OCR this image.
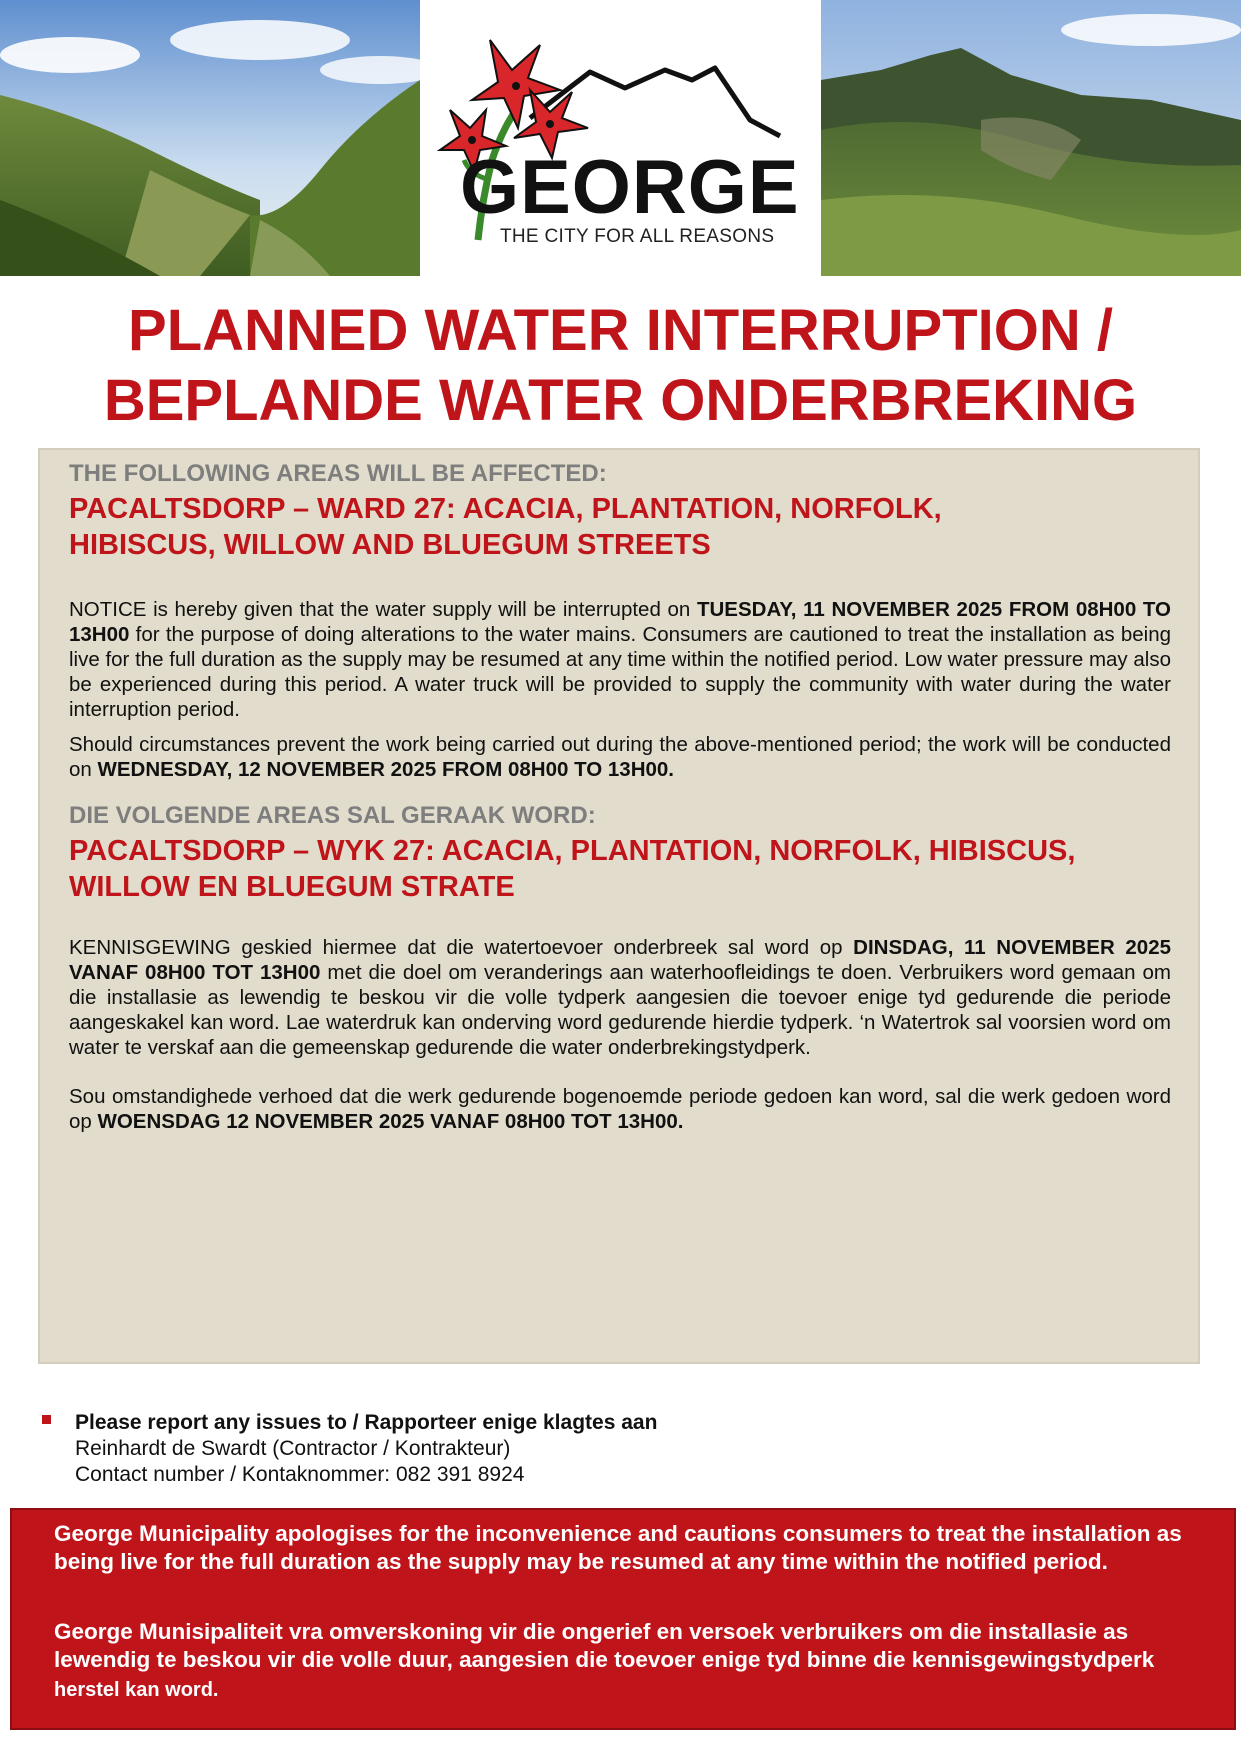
GEORGE
THE CITY FOR ALL REASONS
PLANNED WATER INTERRUPTION /
BEPLANDE WATER ONDERBREKING
THE FOLLOWING AREAS WILL BE AFFECTED:
PACALTSDORP – WARD 27: ACACIA, PLANTATION, NORFOLK,
HIBISCUS, WILLOW AND BLUEGUM STREETS

NOTICE is hereby given that the water supply will be interrupted on TUESDAY, 11 NOVEMBER 2025 FROM 08H00 TO 13H00 for the purpose of doing alterations to the water mains. Consumers are cautioned to treat the installation as being live for the full duration as the supply may be resumed at any time within the notified period. Low water pressure may also be experienced during this period. A water truck will be provided to supply the community with water during the water interruption period.

Should circumstances prevent the work being carried out during the above-mentioned period; the work will be conducted on WEDNESDAY, 12 NOVEMBER 2025 FROM 08H00 TO 13H00.

DIE VOLGENDE AREAS SAL GERAAK WORD:
PACALTSDORP – WYK 27: ACACIA, PLANTATION, NORFOLK, HIBISCUS,
WILLOW EN BLUEGUM STRATE

KENNISGEWING geskied hiermee dat die watertoevoer onderbreek sal word op DINSDAG, 11 NOVEMBER 2025 VANAF 08H00 TOT 13H00 met die doel om veranderings aan waterhoofleidings te doen. Verbruikers word gemaan om die installasie as lewendig te beskou vir die volle tydperk aangesien die toevoer enige tyd gedurende die periode aangeskakel kan word. Lae waterdruk kan onderving word gedurende hierdie tydperk. ‘n Watertrok sal voorsien word om water te verskaf aan die gemeenskap gedurende die water onderbrekingstydperk.

Sou omstandighede verhoed dat die werk gedurende bogenoemde periode gedoen kan word, sal die werk gedoen word op WOENSDAG 12 NOVEMBER 2025 VANAF 08H00 TOT 13H00.

Please report any issues to / Rapporteer enige klagtes aan
Reinhardt de Swardt (Contractor / Kontrakteur)
Contact number / Kontaknommer: 082 391 8924
George Municipality apologises for the inconvenience and cautions consumers to treat the installation as being live for the full duration as the supply may be resumed at any time within the notified period.
George Munisipaliteit vra omverskoning vir die ongerief en versoek verbruikers om die installasie as lewendig te beskou vir die volle duur, aangesien die toevoer enige tyd binne die kennisgewingstydperk herstel kan word.
